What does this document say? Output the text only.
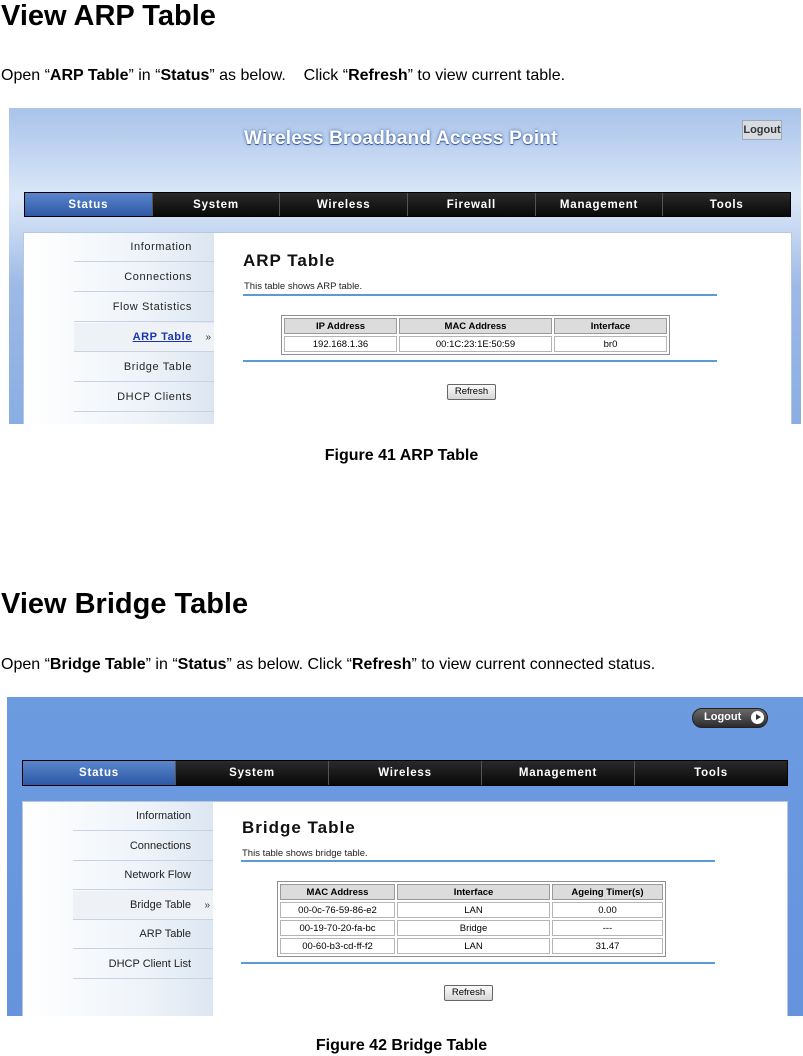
View ARP Table

Open “ARP Table” in “Status” as below.    Click “Refresh” to view current table.

Wireless Broadband Access Point	Logout
Status	System	Wireless	Firewall	Management	Tools
Information
Connections
Flow Statistics
ARP Table »
Bridge Table
DHCP Clients
ARP Table
This table shows ARP table.
IP Address	MAC Address	Interface
192.168.1.36	00:1C:23:1E:50:59	br0
Refresh

Figure 41 ARP Table

View Bridge Table

Open “Bridge Table” in “Status” as below. Click “Refresh” to view current connected status.

Logout
Status	System	Wireless	Management	Tools
Information
Connections
Network Flow
Bridge Table »
ARP Table
DHCP Client List
Bridge Table
This table shows bridge table.
MAC Address	Interface	Ageing Timer(s)
00-0c-76-59-86-e2	LAN	0.00
00-19-70-20-fa-bc	Bridge	---
00-60-b3-cd-ff-f2	LAN	31.47
Refresh

Figure 42 Bridge Table
